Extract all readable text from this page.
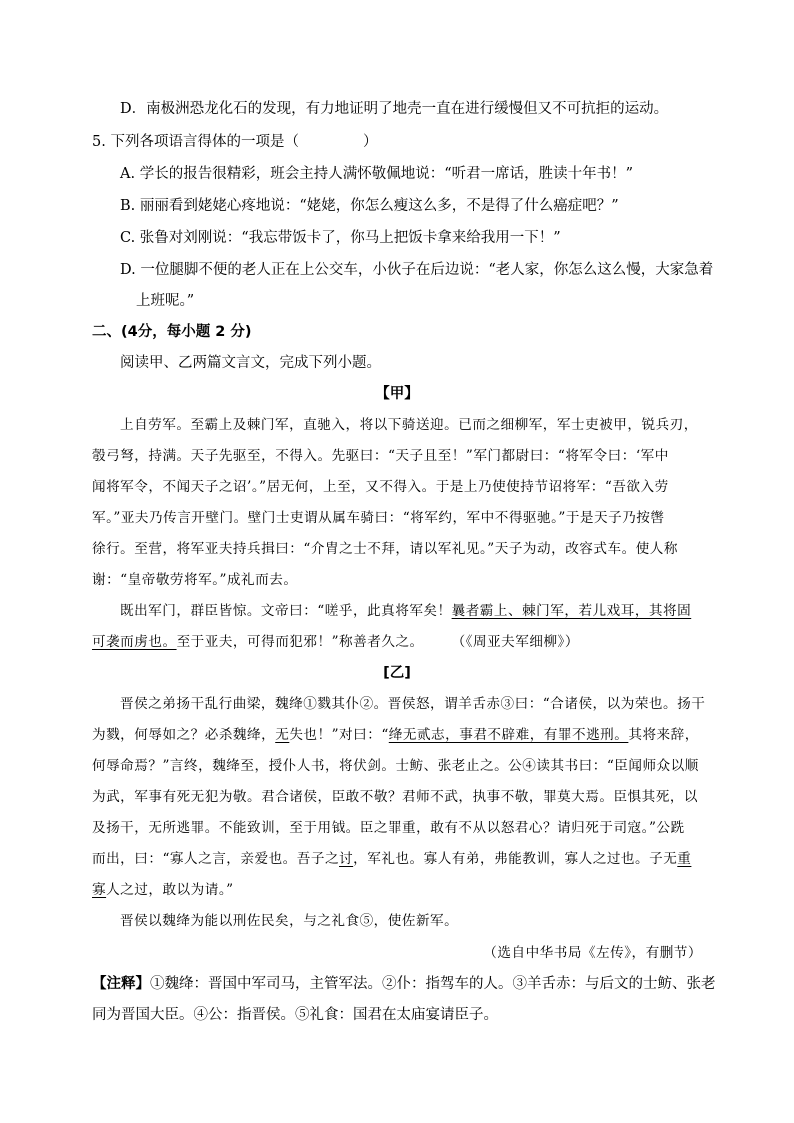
D．南极洲恐龙化石的发现，有力地证明了地壳一直在进行缓慢但又不可抗拒的运动。
5. 下列各项语言得体的一项是（	）
A. 学长的报告很精彩，班会主持人满怀敬佩地说：“听君一席话，胜读十年书！”
B. 丽丽看到姥姥心疼地说：“姥姥，你怎么瘦这么多，不是得了什么癌症吧？”
C. 张鲁对刘刚说：“我忘带饭卡了，你马上把饭卡拿来给我用一下！”
D. 一位腿脚不便的老人正在上公交车，小伙子在后边说：“老人家，你怎么这么慢，大家急着
上班呢。”
二、(4分，每小题 2 分)
阅读甲、乙两篇文言文，完成下列小题。
【甲】
上自劳军。至霸上及棘门军，直驰入，将以下骑送迎。已而之细柳军，军士吏被甲，锐兵刃，
彀弓弩，持满。天子先驱至，不得入。先驱曰：“天子且至！”军门都尉曰：“将军令曰：‘军中
闻将军令，不闻天子之诏’。”居无何，上至，又不得入。于是上乃使使持节诏将军：“吾欲入劳
军。”亚夫乃传言开壁门。壁门士吏谓从属车骑曰：“将军约，军中不得驱驰。”于是天子乃按辔
徐行。至营，将军亚夫持兵揖曰：“介胄之士不拜，请以军礼见。”天子为动，改容式车。使人称
谢：“皇帝敬劳将军。”成礼而去。
既出军门，群臣皆惊。文帝曰：“嗟乎，此真将军矣！曩者霸上、棘门军，若儿戏耳，其将固
可袭而虏也。至于亚夫，可得而犯邪！”称善者久之。 （《周亚夫军细柳》）
[乙]
晋侯之弟扬干乱行曲梁，魏绛①戮其仆②。晋侯怒，谓羊舌赤③曰：“合诸侯，以为荣也。扬干
为戮，何辱如之？必杀魏绛，无失也！”对曰：“绛无贰志，事君不辟难，有罪不逃刑。其将来辞，
何辱命焉？”言终，魏绛至，授仆人书，将伏剑。士鲂、张老止之。公④读其书曰：“臣闻师众以顺
为武，军事有死无犯为敬。君合诸侯，臣敢不敬？君师不武，执事不敬，罪莫大焉。臣惧其死，以
及扬干，无所逃罪。不能致训，至于用钺。臣之罪重，敢有不从以怒君心？请归死于司寇。”公跣
而出，曰：“寡人之言，亲爱也。吾子之讨，军礼也。寡人有弟，弗能教训，寡人之过也。子无重
寡人之过，敢以为请。”
晋侯以魏绛为能以刑佐民矣，与之礼食⑤，使佐新军。
（选自中华书局《左传》，有删节）
【注释】①魏绛：晋国中军司马，主管军法。②仆：指驾车的人。③羊舌赤：与后文的士鲂、张老
同为晋国大臣。④公：指晋侯。⑤礼食：国君在太庙宴请臣子。
